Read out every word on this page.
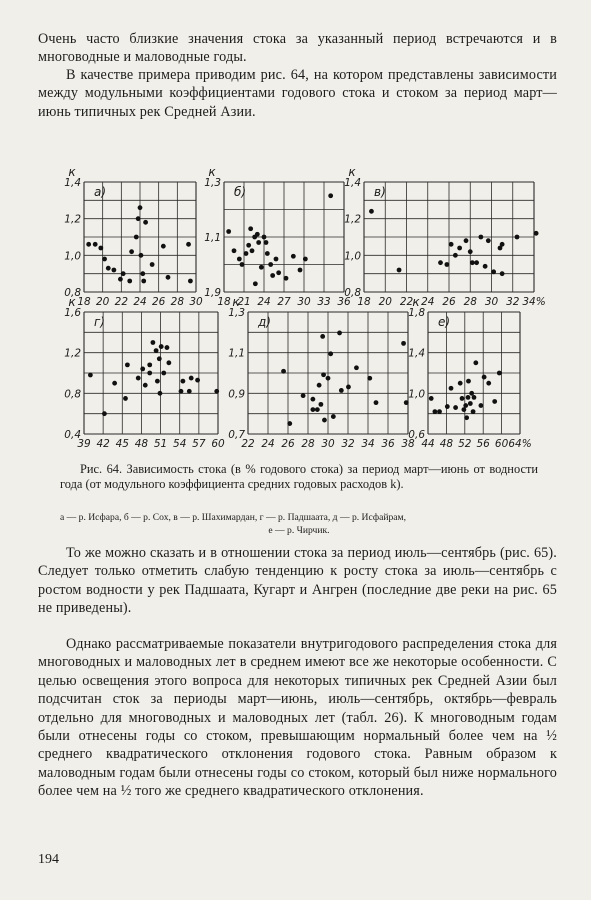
Очень часто близкие значения стока за указанный период встречаются и в многоводные и маловодные годы.

В качестве примера приводим рис. 64, на котором представлены зависимости между модульными коэффициентами годового стока и стоком за период март—июнь типичных рек Средней Азии.

18 20 22 24 26 28 30
0,8
1,0
1,2
1,4
к
а)
18 21 24 27 30 33 36
1,9
1,1
1,3
к
б)
18 20 22 24 26 28 30 32 34%
0,8
1,0
1,2
1,4
к
в)
39 42 45 48 51 54 57 60
0,4
0,8
1,2
1,6
к
г)
22 24 26 28 30 32 34 36 38
0,7
0,9
1,1
1,3
к
д)
44 48 52 56 60 64%
0,6
1,0
1,4
1,8
к
е)

Рис. 64. Зависимость стока (в % годового стока) за период март—июнь от водности года (от модульного коэффициента средних годовых расходов k).

а — р. Исфара, б — р. Сох, в — р. Шахимардан, г — р. Падшаата, д — р. Исфайрам,
е — р. Чирчик.

То же можно сказать и в отношении стока за период июль—сентябрь (рис. 65). Следует только отметить слабую тенденцию к росту стока за июль—сентябрь с ростом водности у рек Падшаата, Кугарт и Ангрен (последние две реки на рис. 65 не приведены).

Однако рассматриваемые показатели внутригодового распределения стока для многоводных и маловодных лет в среднем имеют все же некоторые особенности. С целью освещения этого вопроса для некоторых типичных рек Средней Азии был подсчитан сток за периоды март—июнь, июль—сентябрь, октябрь—февраль отдельно для многоводных и маловодных лет (табл. 26). К многоводным годам были отнесены годы со стоком, превышающим нормальный более чем на ½ среднего квадратического отклонения годового стока. Равным образом к маловодным годам были отнесены годы со стоком, который был ниже нормального более чем на ½ того же среднего квадратического отклонения.

194
